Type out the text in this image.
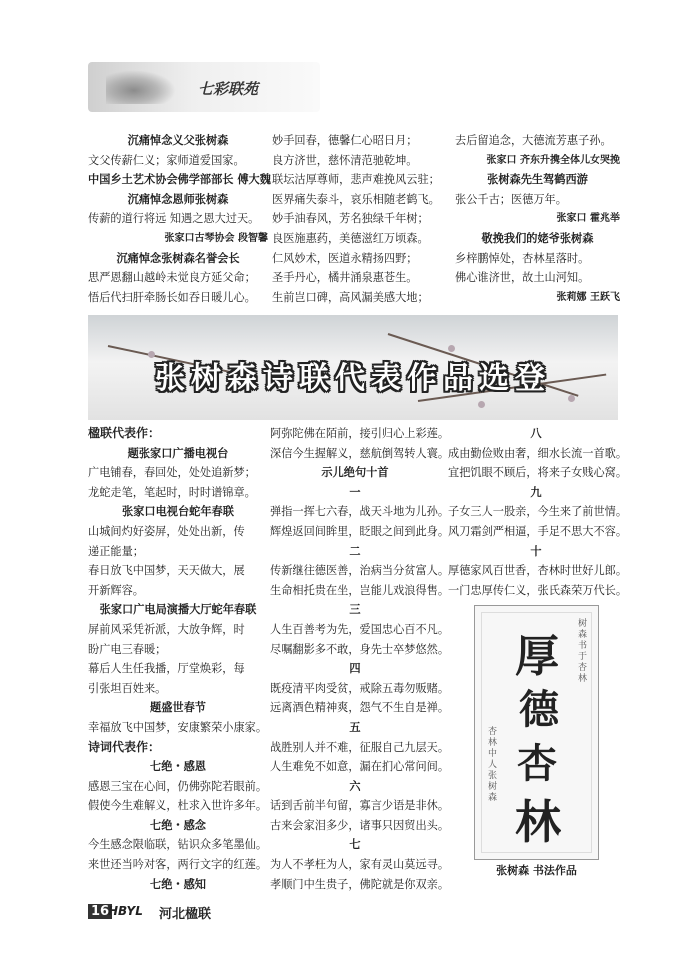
七彩联苑
沉痛悼念义父张树森
文父传薪仁义；家师道爱国家。
中国乡土艺术协会佛学部部长 傅大魏
沉痛悼念恩师张树森
传薪的道行将远 知遇之恩大过天。
张家口古琴协会 段智馨
沉痛悼念张树森名誉会长
思严恩翻山越岭未觉良方延父命；
悟后代扫肝牵肠长如吞日暖儿心。
妙手回春，德馨仁心昭日月；
良方济世，慈怀清范驰乾坤。
联坛沽厚尊师，悲声难挽风云驻；
医界痛失泰斗，哀乐相随老鹤飞。
妙手油春风，芳名独绿千年树；
良医施惠药，美德滋红万顷森。
仁风妙术，医道永精扬四野；
圣手丹心，橘井涌泉惠苍生。
生前岂口碑，高风漏美感大地；
去后留追念，大德流芳惠子孙。
张家口 齐东升携全体儿女哭挽
张树森先生驾鹤西游
张公千古；医德万年。
张家口 霍兆举
敬挽我们的姥爷张树森
乡梓鹏悼处，杏林星落时。
佛心谁济世，故土山河知。
张莉娜 王跃飞
张树森诗联代表作品选登
楹联代表作：
题张家口广播电视台
广电铺春，春回处，处处追新梦；
龙蛇走笔，笔起时，时时谱锦章。
张家口电视台蛇年春联
山城间灼好姿屏，处处出新，传
递正能量；
春日放飞中国梦，天天做大，展
开新辉容。
张家口广电局演播大厅蛇年春联
屏前风采凭祈派，大放争辉，时
盼广电三春暖；
幕后人生任我播，厅堂焕彩，每
引张坦百姓来。
题盛世春节
幸福放飞中国梦，安康繁荣小康家。
诗词代表作：
七绝・感恩
感恩三宝在心间，仍佛弥陀若眼前。
假使今生难解义，杜求入世许多年。
七绝・感念
今生感念限临联，钻识众多笔墨仙。
来世还当吟对客，两行文字的红莲。
七绝・感知
阿弥陀佛在陌前，接引归心上彩莲。
深信今生握解义，慈航倒驾转人寰。
示儿绝句十首
一
弹指一挥七六春，战天斗地为儿孙。
辉煌返回间眸里，眨眼之间到此身。
二
传新继往德医善，治病当分贫富人。
生命相托贵在坐，岂能儿戏浪得售。
三
人生百善考为先，爱国忠心百不凡。
尽嘱翻影多不敢，身先士卒梦悠然。
四
既疫清平肉受贫，戒除五毒勿贩赌。
远离酒色精神爽，怨气不生自是禅。
五
战胜别人并不难，征服自己九层天。
人生难免不如意，漏在扪心常问间。
六
话到舌前半句留，寡言少语是非休。
古来会家泪多少，诸事只因贸出头。
七
为人不孝枉为人，家有灵山莫远寻。
孝顺门中生贵子，佛陀就是你双亲。
八
成由勤俭败由奢，细水长流一首歌。
宜把饥眼不顾后，将来子女贱心窝。
九
子女三人一股亲，今生来了前世情。
风刀霜剑严相逼，手足不思大不容。
十
厚德家风百世香，杏林时世好儿郎。
一门忠厚传仁义，张氏森荣万代长。
厚
德
杏
林
树森书于杏林
杏林中人张树森
张树森 书法作品
16
HBYL 河北楹联
